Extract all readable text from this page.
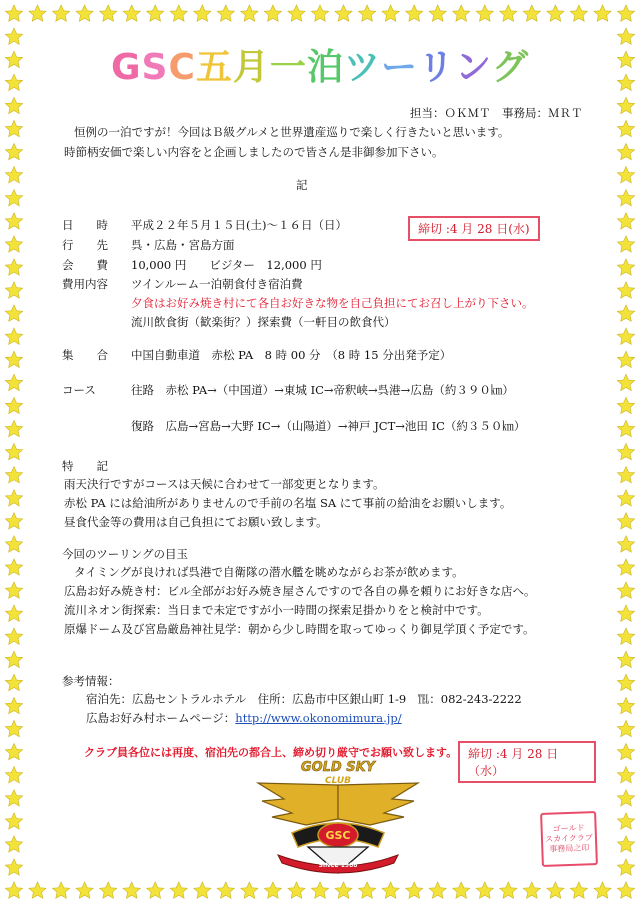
GSC五月一泊ツーリング
担当：ＯＫＭＴ　事務局：ＭＲＴ
恒例の一泊ですが！今回はＢ級グルメと世界遺産巡りで楽しく行きたいと思います。
時節柄安価で楽しい内容をと企画しましたので皆さん是非御参加下さい。
記
日　　時 平成２２年５月１５日(土)～１６日（日）	締切 :4 月 28 日(水)
行　　先 呉・広島・宮島方面
会　　費 10,000 円　　ビジター　12,000 円
費用内容 ツインルーム一泊朝食付き宿泊費
夕食はお好み焼き村にて各自お好きな物を自己負担にてお召し上がり下さい。
流川飲食街（歓楽街？）探索費（一軒目の飲食代）
集　　合 中国自動車道　赤松 PA　8 時 00 分　（8 時 15 分出発予定）
コース	往路　赤松 PA→（中国道）→東城 IC→帝釈峡→呉港→広島（約３９０㎞）
復路　広島→宮島→大野 IC→（山陽道）→神戸 JCT→池田 IC（約３５０㎞）
特　　記
雨天決行ですがコースは天候に合わせて一部変更となります。
赤松 PA には給油所がありませんので手前の名塩 SA にて事前の給油をお願いします。
昼食代金等の費用は自己負担にてお願い致します。
今回のツーリングの目玉
タイミングが良ければ呉港で自衛隊の潜水艦を眺めながらお茶が飲めます。
広島お好み焼き村：ビル全部がお好み焼き屋さんですので各自の鼻を頼りにお好きな店へ。
流川ネオン街探索：当日まで未定ですが小一時間の探索足掛かりをと検討中です。
原爆ドーム及び宮島厳島神社見学：朝から少し時間を取ってゆっくり御見学頂く予定です。
参考情報：
宿泊先：広島セントラルホテル　住所：広島市中区銀山町 1-9　℡：082-243-2222
広島お好み村ホームページ：http://www.okonomimura.jp/
クラブ員各位には再度、宿泊先の都合上、締め切り厳守でお願い致します。 締切 :4 月 28 日（水）
GOLD SKY
CLUB
GSC
SINCE 1988
ゴールド
スカイクラブ
事務局之印
